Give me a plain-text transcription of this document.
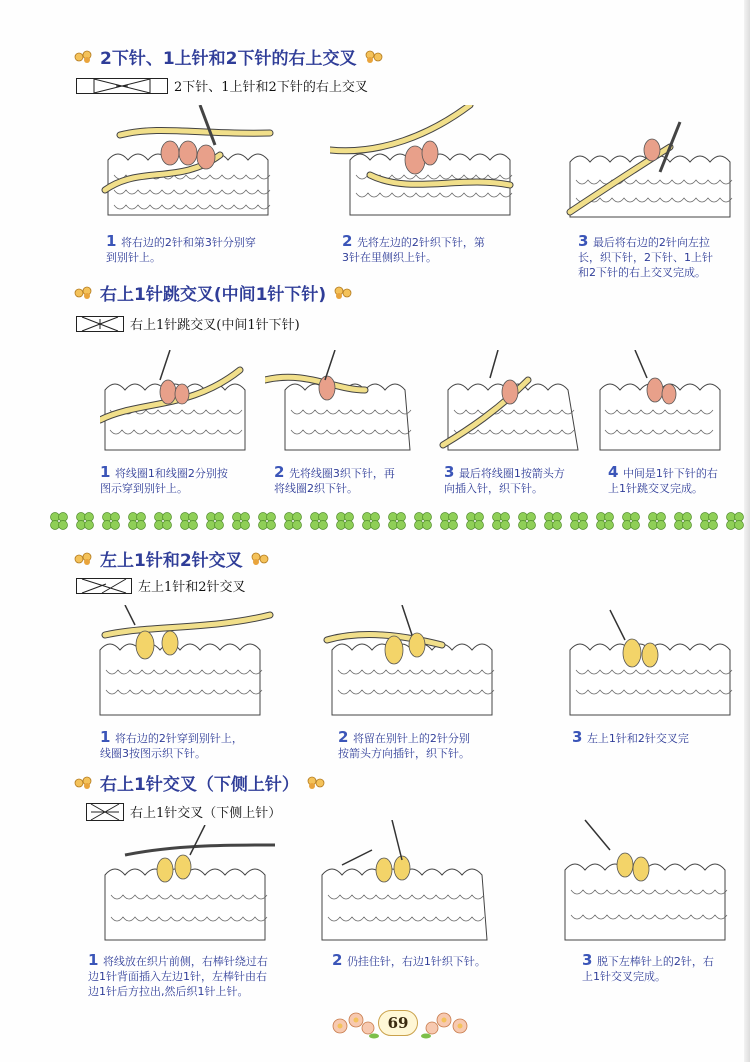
2下针、1上针和2下针的右上交叉
2下针、1上针和2下针的右上交叉
1 将右边的2针和第3针分别穿
到别针上。
2 先将左边的2针织下针，第
3针在里侧织上针。
3 最后将右边的2针向左拉
长，织下针，2下针、1上针
和2下针的右上交叉完成。
右上1针跳交叉(中间1针下针)
右上1针跳交叉(中间1针下针)
1 将线圈1和线圈2分别按
图示穿到别针上。
2 先将线圈3织下针，再
将线圈2织下针。
3 最后将线圈1按箭头方
向插入针，织下针。
4 中间是1针下针的右
上1针跳交叉完成。
左上1针和2针交叉
左上1针和2针交叉
1 将右边的2针穿到别针上，
线圈3按图示织下针。
2 将留在别针上的2针分别
按箭头方向插针，织下针。
3 左上1针和2针交叉完
右上1针交叉（下侧上针）
右上1针交叉（下侧上针）
1 将线放在织片前侧，右棒针绕过右
边1针背面插入左边1针，左棒针由右
边1针后方拉出,然后织1针上针。
2 仍挂住针，右边1针织下针。	3 脱下左棒针上的2针，右
上1针交叉完成。
69
